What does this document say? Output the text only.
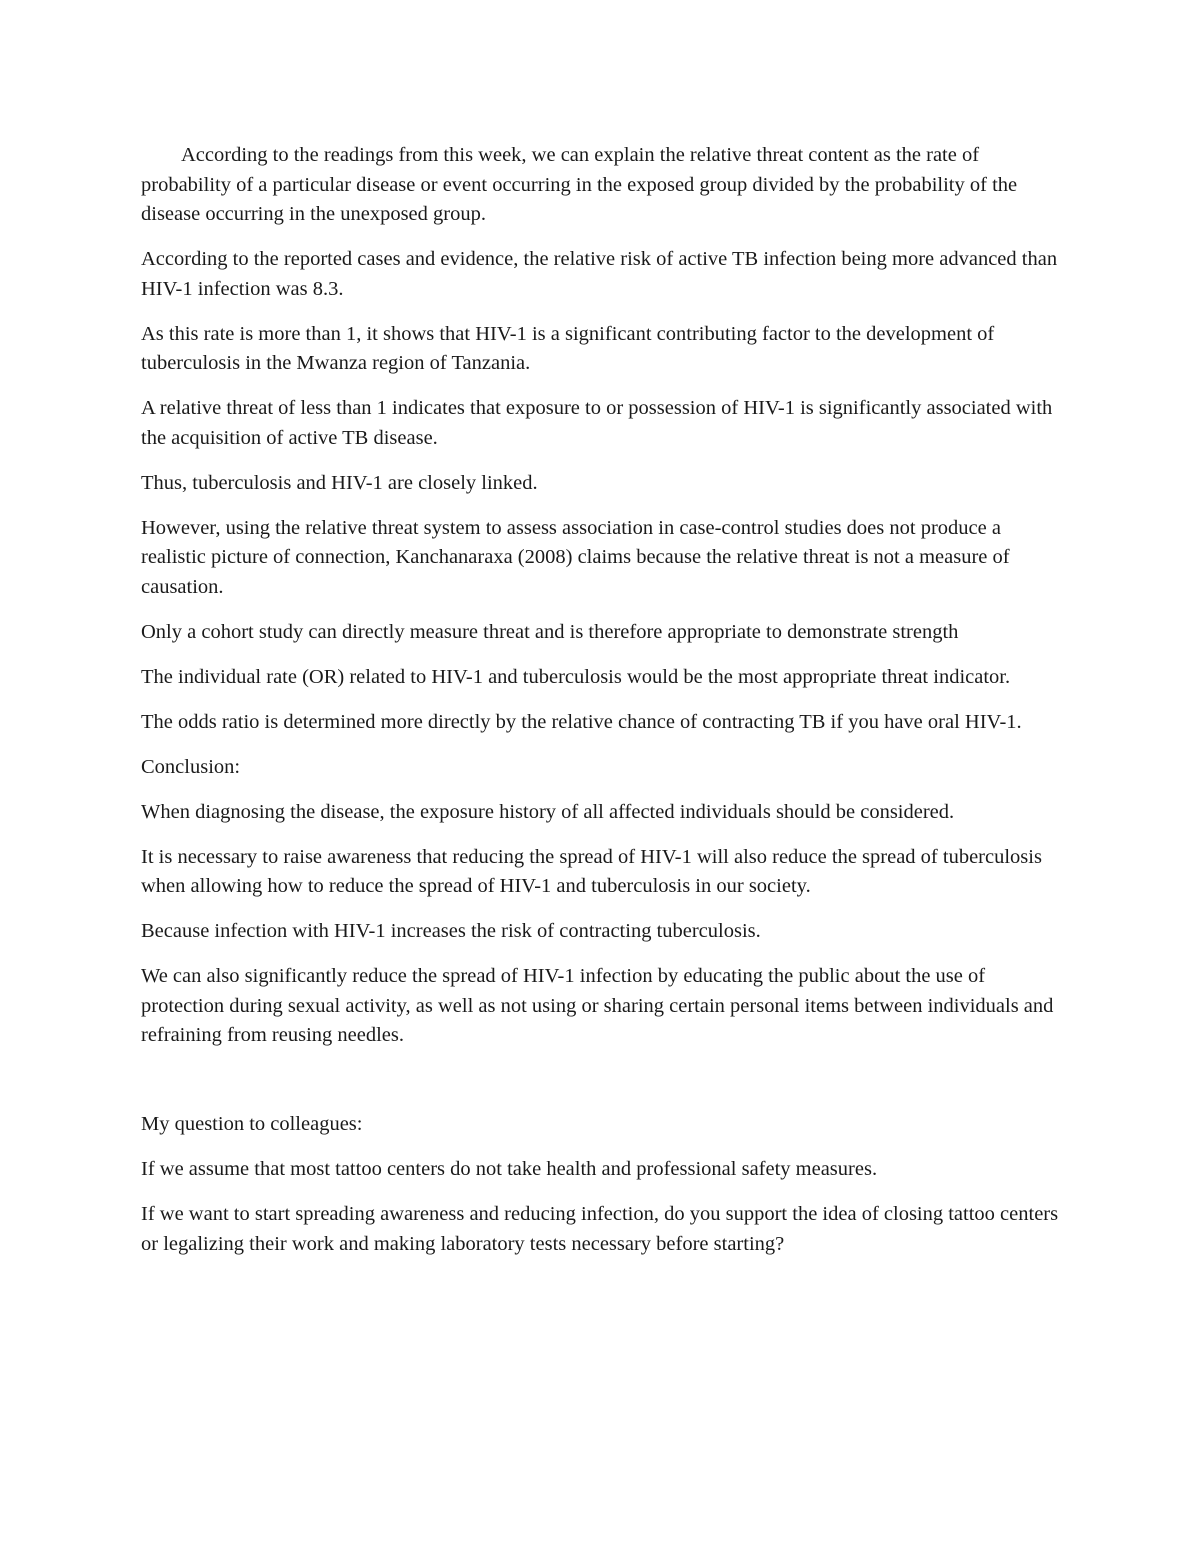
According to the readings from this week, we can explain the relative threat content as the rate of probability of a particular disease or event occurring in the exposed group divided by the probability of the disease occurring in the unexposed group.

According to the reported cases and evidence, the relative risk of active TB infection being more advanced than HIV-1 infection was 8.3.

As this rate is more than 1, it shows that HIV-1 is a significant contributing factor to the development of tuberculosis in the Mwanza region of Tanzania.

A relative threat of less than 1 indicates that exposure to or possession of HIV-1 is significantly associated with the acquisition of active TB disease.

Thus, tuberculosis and HIV-1 are closely linked.

However, using the relative threat system to assess association in case-control studies does not produce a realistic picture of connection, Kanchanaraxa (2008) claims because the relative threat is not a measure of causation.

Only a cohort study can directly measure threat and is therefore appropriate to demonstrate strength

The individual rate (OR) related to HIV-1 and tuberculosis would be the most appropriate threat indicator.

The odds ratio is determined more directly by the relative chance of contracting TB if you have oral HIV-1.

Conclusion:

When diagnosing the disease, the exposure history of all affected individuals should be considered.

It is necessary to raise awareness that reducing the spread of HIV-1 will also reduce the spread of tuberculosis when allowing how to reduce the spread of HIV-1 and tuberculosis in our society.

Because infection with HIV-1 increases the risk of contracting tuberculosis.

We can also significantly reduce the spread of HIV-1 infection by educating the public about the use of protection during sexual activity, as well as not using or sharing certain personal items between individuals and refraining from reusing needles.

My question to colleagues:

If we assume that most tattoo centers do not take health and professional safety measures.

If we want to start spreading awareness and reducing infection, do you support the idea of closing tattoo centers or legalizing their work and making laboratory tests necessary before starting?
